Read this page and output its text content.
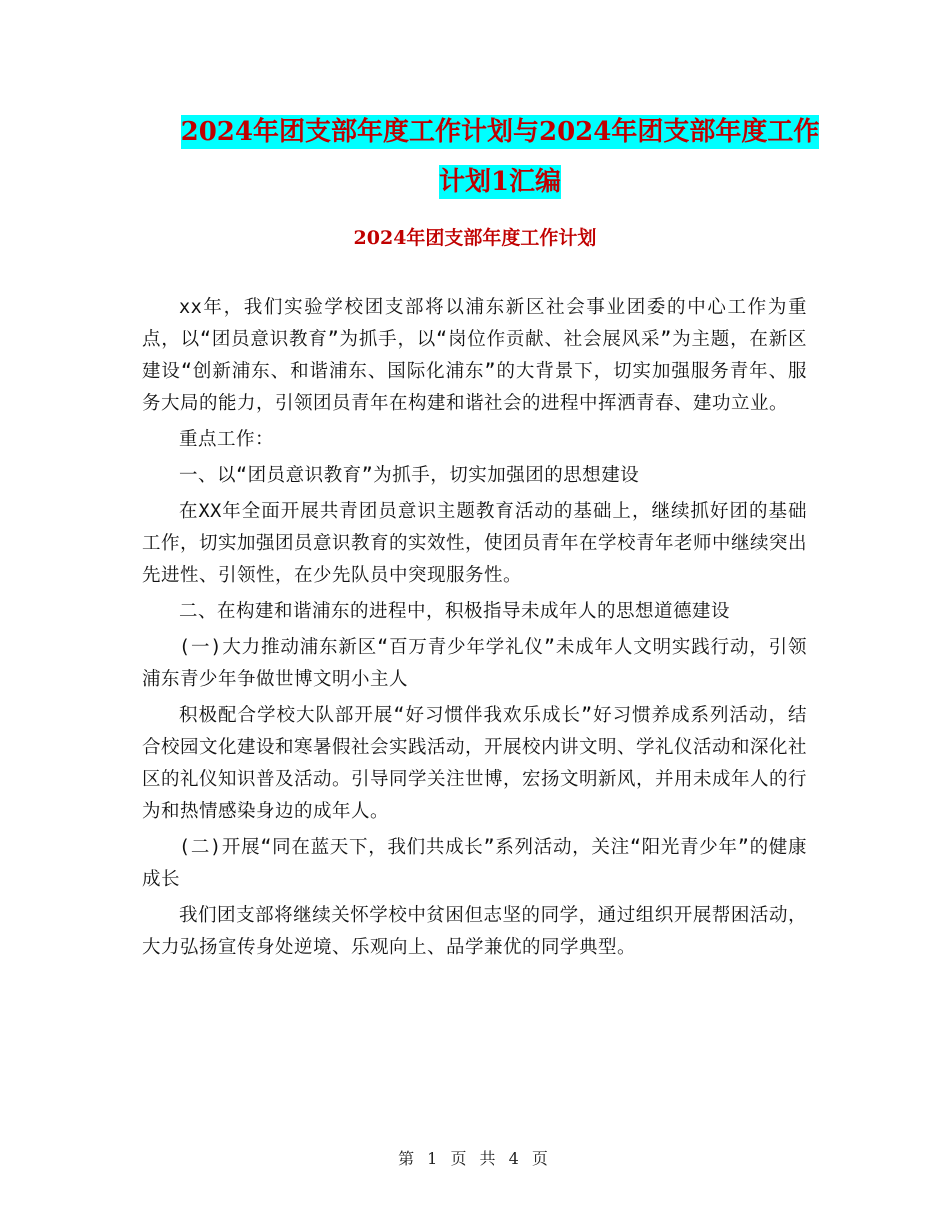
2024年团支部年度工作计划与2024年团支部年度工作
计划1汇编
2024年团支部年度工作计划

xx年，我们实验学校团支部将以浦东新区社会事业团委的中心工作为重点，以“团员意识教育”为抓手，以“岗位作贡献、社会展风采”为主题，在新区建设“创新浦东、和谐浦东、国际化浦东”的大背景下，切实加强服务青年、服务大局的能力，引领团员青年在构建和谐社会的进程中挥洒青春、建功立业。

重点工作：

一、以“团员意识教育”为抓手，切实加强团的思想建设

在XX年全面开展共青团员意识主题教育活动的基础上，继续抓好团的基础工作，切实加强团员意识教育的实效性，使团员青年在学校青年老师中继续突出先进性、引领性，在少先队员中突现服务性。

二、在构建和谐浦东的进程中，积极指导未成年人的思想道德建设

(一)大力推动浦东新区“百万青少年学礼仪”未成年人文明实践行动，引领浦东青少年争做世博文明小主人

积极配合学校大队部开展“好习惯伴我欢乐成长”好习惯养成系列活动，结合校园文化建设和寒暑假社会实践活动，开展校内讲文明、学礼仪活动和深化社区的礼仪知识普及活动。引导同学关注世博，宏扬文明新风，并用未成年人的行为和热情感染身边的成年人。

(二)开展“同在蓝天下，我们共成长”系列活动，关注“阳光青少年”的健康成长

我们团支部将继续关怀学校中贫困但志坚的同学，通过组织开展帮困活动，大力弘扬宣传身处逆境、乐观向上、品学兼优的同学典型。

第 1 页 共 4 页
